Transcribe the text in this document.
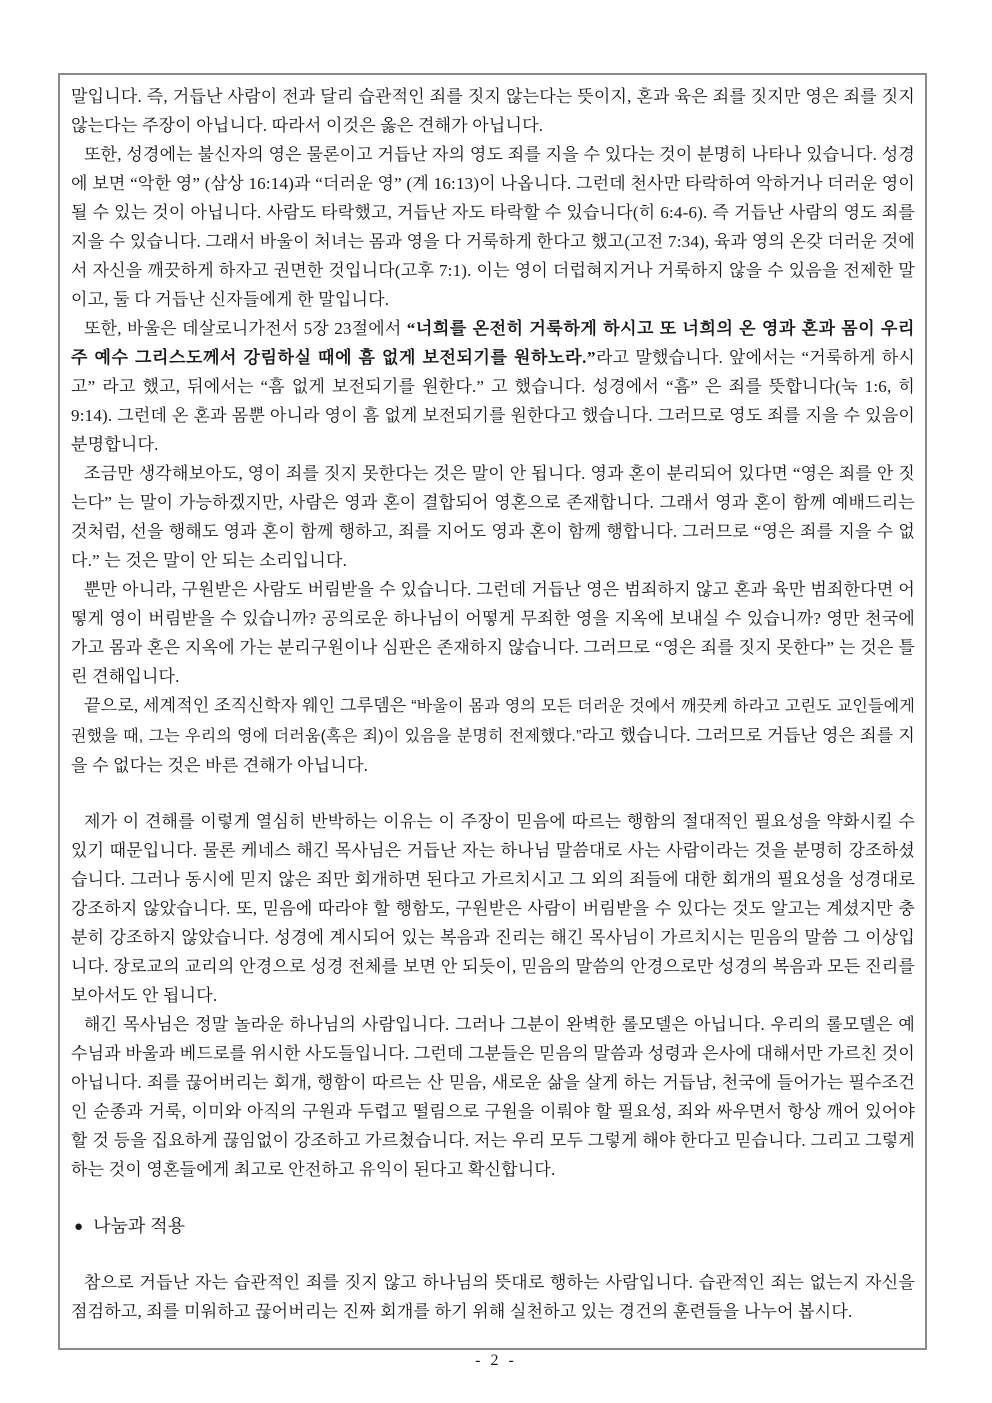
말입니다. 즉, 거듭난 사람이 전과 달리 습관적인 죄를 짓지 않는다는 뜻이지, 혼과 육은 죄를 짓지만 영은 죄를 짓지 않는다는 주장이 아닙니다. 따라서 이것은 옳은 견해가 아닙니다.

또한, 성경에는 불신자의 영은 물론이고 거듭난 자의 영도 죄를 지을 수 있다는 것이 분명히 나타나 있습니다. 성경에 보면 “악한 영” (삼상 16:14)과 “더러운 영” (계 16:13)이 나옵니다. 그런데 천사만 타락하여 악하거나 더러운 영이 될 수 있는 것이 아닙니다. 사람도 타락했고, 거듭난 자도 타락할 수 있습니다(히 6:4-6). 즉 거듭난 사람의 영도 죄를 지을 수 있습니다. 그래서 바울이 처녀는 몸과 영을 다 거룩하게 한다고 했고(고전 7:34), 육과 영의 온갖 더러운 것에서 자신을 깨끗하게 하자고 권면한 것입니다(고후 7:1). 이는 영이 더럽혀지거나 거룩하지 않을 수 있음을 전제한 말이고, 둘 다 거듭난 신자들에게 한 말입니다.

또한, 바울은 데살로니가전서 5장 23절에서 “너희를 온전히 거룩하게 하시고 또 너희의 온 영과 혼과 몸이 우리 주 예수 그리스도께서 강림하실 때에 흠 없게 보전되기를 원하노라.”라고 말했습니다. 앞에서는 “거룩하게 하시고” 라고 했고, 뒤에서는 “흠 없게 보전되기를 원한다.” 고 했습니다. 성경에서 “흠” 은 죄를 뜻합니다(눅 1:6, 히 9:14). 그런데 온 혼과 몸뿐 아니라 영이 흠 없게 보전되기를 원한다고 했습니다. 그러므로 영도 죄를 지을 수 있음이 분명합니다.

조금만 생각해보아도, 영이 죄를 짓지 못한다는 것은 말이 안 됩니다. 영과 혼이 분리되어 있다면 “영은 죄를 안 짓는다” 는 말이 가능하겠지만, 사람은 영과 혼이 결합되어 영혼으로 존재합니다. 그래서 영과 혼이 함께 예배드리는 것처럼, 선을 행해도 영과 혼이 함께 행하고, 죄를 지어도 영과 혼이 함께 행합니다. 그러므로 “영은 죄를 지을 수 없다.” 는 것은 말이 안 되는 소리입니다.

뿐만 아니라, 구원받은 사람도 버림받을 수 있습니다. 그런데 거듭난 영은 범죄하지 않고 혼과 육만 범죄한다면 어떻게 영이 버림받을 수 있습니까? 공의로운 하나님이 어떻게 무죄한 영을 지옥에 보내실 수 있습니까? 영만 천국에 가고 몸과 혼은 지옥에 가는 분리구원이나 심판은 존재하지 않습니다. 그러므로 “영은 죄를 짓지 못한다” 는 것은 틀린 견해입니다.

끝으로, 세계적인 조직신학자 웨인 그루뎀은 “바울이 몸과 영의 모든 더러운 것에서 깨끗케 하라고 고린도 교인들에게 권했을 때, 그는 우리의 영에 더러움(혹은 죄)이 있음을 분명히 전제했다.”라고 했습니다. 그러므로 거듭난 영은 죄를 지을 수 없다는 것은 바른 견해가 아닙니다.

제가 이 견해를 이렇게 열심히 반박하는 이유는 이 주장이 믿음에 따르는 행함의 절대적인 필요성을 약화시킬 수 있기 때문입니다. 물론 케네스 해긴 목사님은 거듭난 자는 하나님 말씀대로 사는 사람이라는 것을 분명히 강조하셨습니다. 그러나 동시에 믿지 않은 죄만 회개하면 된다고 가르치시고 그 외의 죄들에 대한 회개의 필요성을 성경대로 강조하지 않았습니다. 또, 믿음에 따라야 할 행함도, 구원받은 사람이 버림받을 수 있다는 것도 알고는 계셨지만 충분히 강조하지 않았습니다. 성경에 계시되어 있는 복음과 진리는 해긴 목사님이 가르치시는 믿음의 말씀 그 이상입니다. 장로교의 교리의 안경으로 성경 전체를 보면 안 되듯이, 믿음의 말씀의 안경으로만 성경의 복음과 모든 진리를 보아서도 안 됩니다.

해긴 목사님은 정말 놀라운 하나님의 사람입니다. 그러나 그분이 완벽한 롤모델은 아닙니다. 우리의 롤모델은 예수님과 바울과 베드로를 위시한 사도들입니다. 그런데 그분들은 믿음의 말씀과 성령과 은사에 대해서만 가르친 것이 아닙니다. 죄를 끊어버리는 회개, 행함이 따르는 산 믿음, 새로운 삶을 살게 하는 거듭남, 천국에 들어가는 필수조건인 순종과 거룩, 이미와 아직의 구원과 두렵고 떨림으로 구원을 이뤄야 할 필요성, 죄와 싸우면서 항상 깨어 있어야 할 것 등을 집요하게 끊임없이 강조하고 가르쳤습니다. 저는 우리 모두 그렇게 해야 한다고 믿습니다. 그리고 그렇게 하는 것이 영혼들에게 최고로 안전하고 유익이 된다고 확신합니다.

● 나눔과 적용

참으로 거듭난 자는 습관적인 죄를 짓지 않고 하나님의 뜻대로 행하는 사람입니다. 습관적인 죄는 없는지 자신을 점검하고, 죄를 미워하고 끊어버리는 진짜 회개를 하기 위해 실천하고 있는 경건의 훈련들을 나누어 봅시다.

- 2 -
